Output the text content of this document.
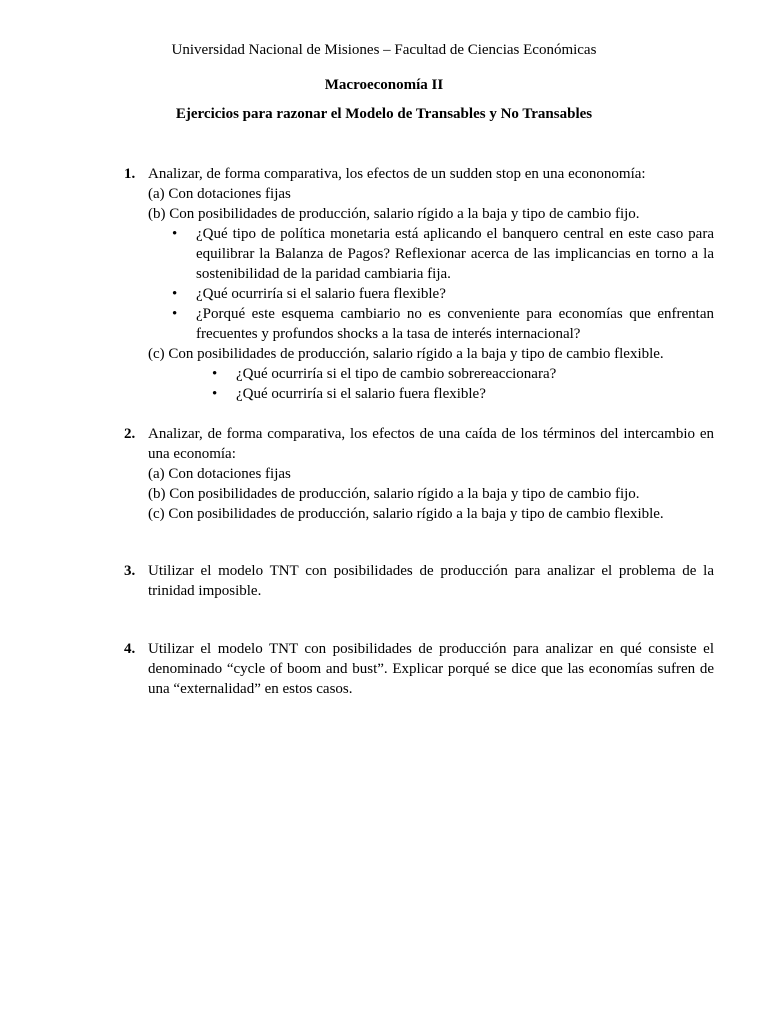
Universidad Nacional de Misiones – Facultad de Ciencias Económicas
Macroeconomía II
Ejercicios para razonar el Modelo de Transables y No Transables
1. Analizar, de forma comparativa, los efectos de un sudden stop en una econonomía:
(a) Con dotaciones fijas
(b) Con posibilidades de producción, salario rígido a la baja y tipo de cambio fijo.
• ¿Qué tipo de política monetaria está aplicando el banquero central en este caso para equilibrar la Balanza de Pagos? Reflexionar acerca de las implicancias en torno a la sostenibilidad de la paridad cambiaria fija.
• ¿Qué ocurriría si el salario fuera flexible?
• ¿Porqué este esquema cambiario no es conveniente para economías que enfrentan frecuentes y profundos shocks a la tasa de interés internacional?
(c) Con posibilidades de producción, salario rígido a la baja y tipo de cambio flexible.
• ¿Qué ocurriría si el tipo de cambio sobrereaccionara?
• ¿Qué ocurriría si el salario fuera flexible?
2. Analizar, de forma comparativa, los efectos de una caída de los términos del intercambio en una economía:
(a) Con dotaciones fijas
(b) Con posibilidades de producción, salario rígido a la baja y tipo de cambio fijo.
(c) Con posibilidades de producción, salario rígido a la baja y tipo de cambio flexible.
3. Utilizar el modelo TNT con posibilidades de producción para analizar el problema de la trinidad imposible.
4. Utilizar el modelo TNT con posibilidades de producción para analizar en qué consiste el denominado “cycle of boom and bust”. Explicar porqué se dice que las economías sufren de una “externalidad” en estos casos.
